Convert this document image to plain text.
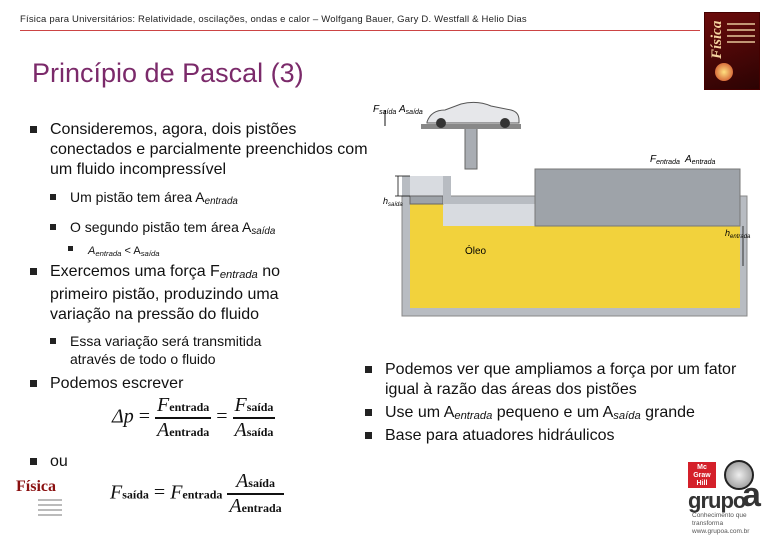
Física para Universitários: Relatividade, oscilações, ondas e calor – Wolfgang Bauer, Gary D. Westfall & Helio Dias
Física
Princípio de Pascal (3)
Consideremos, agora, dois pistões conectados e parcialmente preenchidos com um fluido incompressível
Um pistão tem área $A_{entrada}$
O segundo pistão tem área $A_{saída}$
$A_{entrada} < A_{saída}$
Exercemos uma força $F_{entrada}$ no primeiro pistão, produzindo uma variação na pressão do fluido
Essa variação será transmitida através de todo o fluido
Podemos escrever
ou
$\Delta p = \frac{\text{Fentrada}}{\text{Aentrada}} = \frac{\text{Fsaída}}{\text{Asaída}}$
Fsaída = Fentrada $\frac{\text{Asaída}}{\text{Aentrada}}$
$F_{saída}$ $A_{saída}$
$F_{entrada}$ $A_{entrada}$
$h_{saída}$
$h_{entrada}$
Óleo
Podemos ver que ampliamos a força por um fator igual à razão das áreas dos pistões
Use um $A_{entrada}$ pequeno e um $A_{saída}$ grande
Base para atuadores hidráulicos
Física
Mc Graw Hill
grupo
a
Conhecimento que transforma www.grupoa.com.br
